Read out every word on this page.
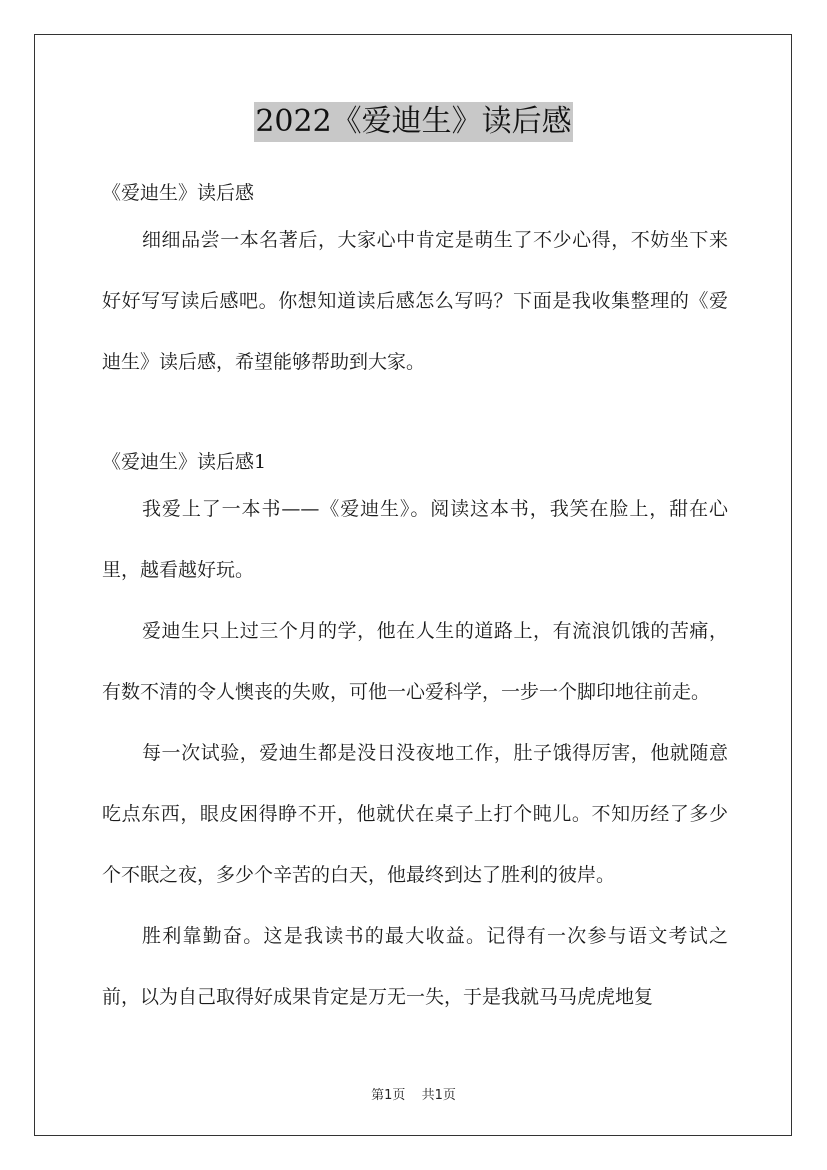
2022《爱迪生》读后感

《爱迪生》读后感

细细品尝一本名著后，大家心中肯定是萌生了不少心得，不妨坐下来好好写写读后感吧。你想知道读后感怎么写吗？下面是我收集整理的《爱迪生》读后感，希望能够帮助到大家。

《爱迪生》读后感1

我爱上了一本书——《爱迪生》。阅读这本书，我笑在脸上，甜在心里，越看越好玩。

爱迪生只上过三个月的学，他在人生的道路上，有流浪饥饿的苦痛，有数不清的令人懊丧的失败，可他一心爱科学，一步一个脚印地往前走。

每一次试验，爱迪生都是没日没夜地工作，肚子饿得厉害，他就随意吃点东西，眼皮困得睁不开，他就伏在桌子上打个盹儿。不知历经了多少个不眠之夜，多少个辛苦的白天，他最终到达了胜利的彼岸。

胜利靠勤奋。这是我读书的最大收益。记得有一次参与语文考试之前，以为自己取得好成果肯定是万无一失，于是我就马马虎虎地复

第1页 共1页
